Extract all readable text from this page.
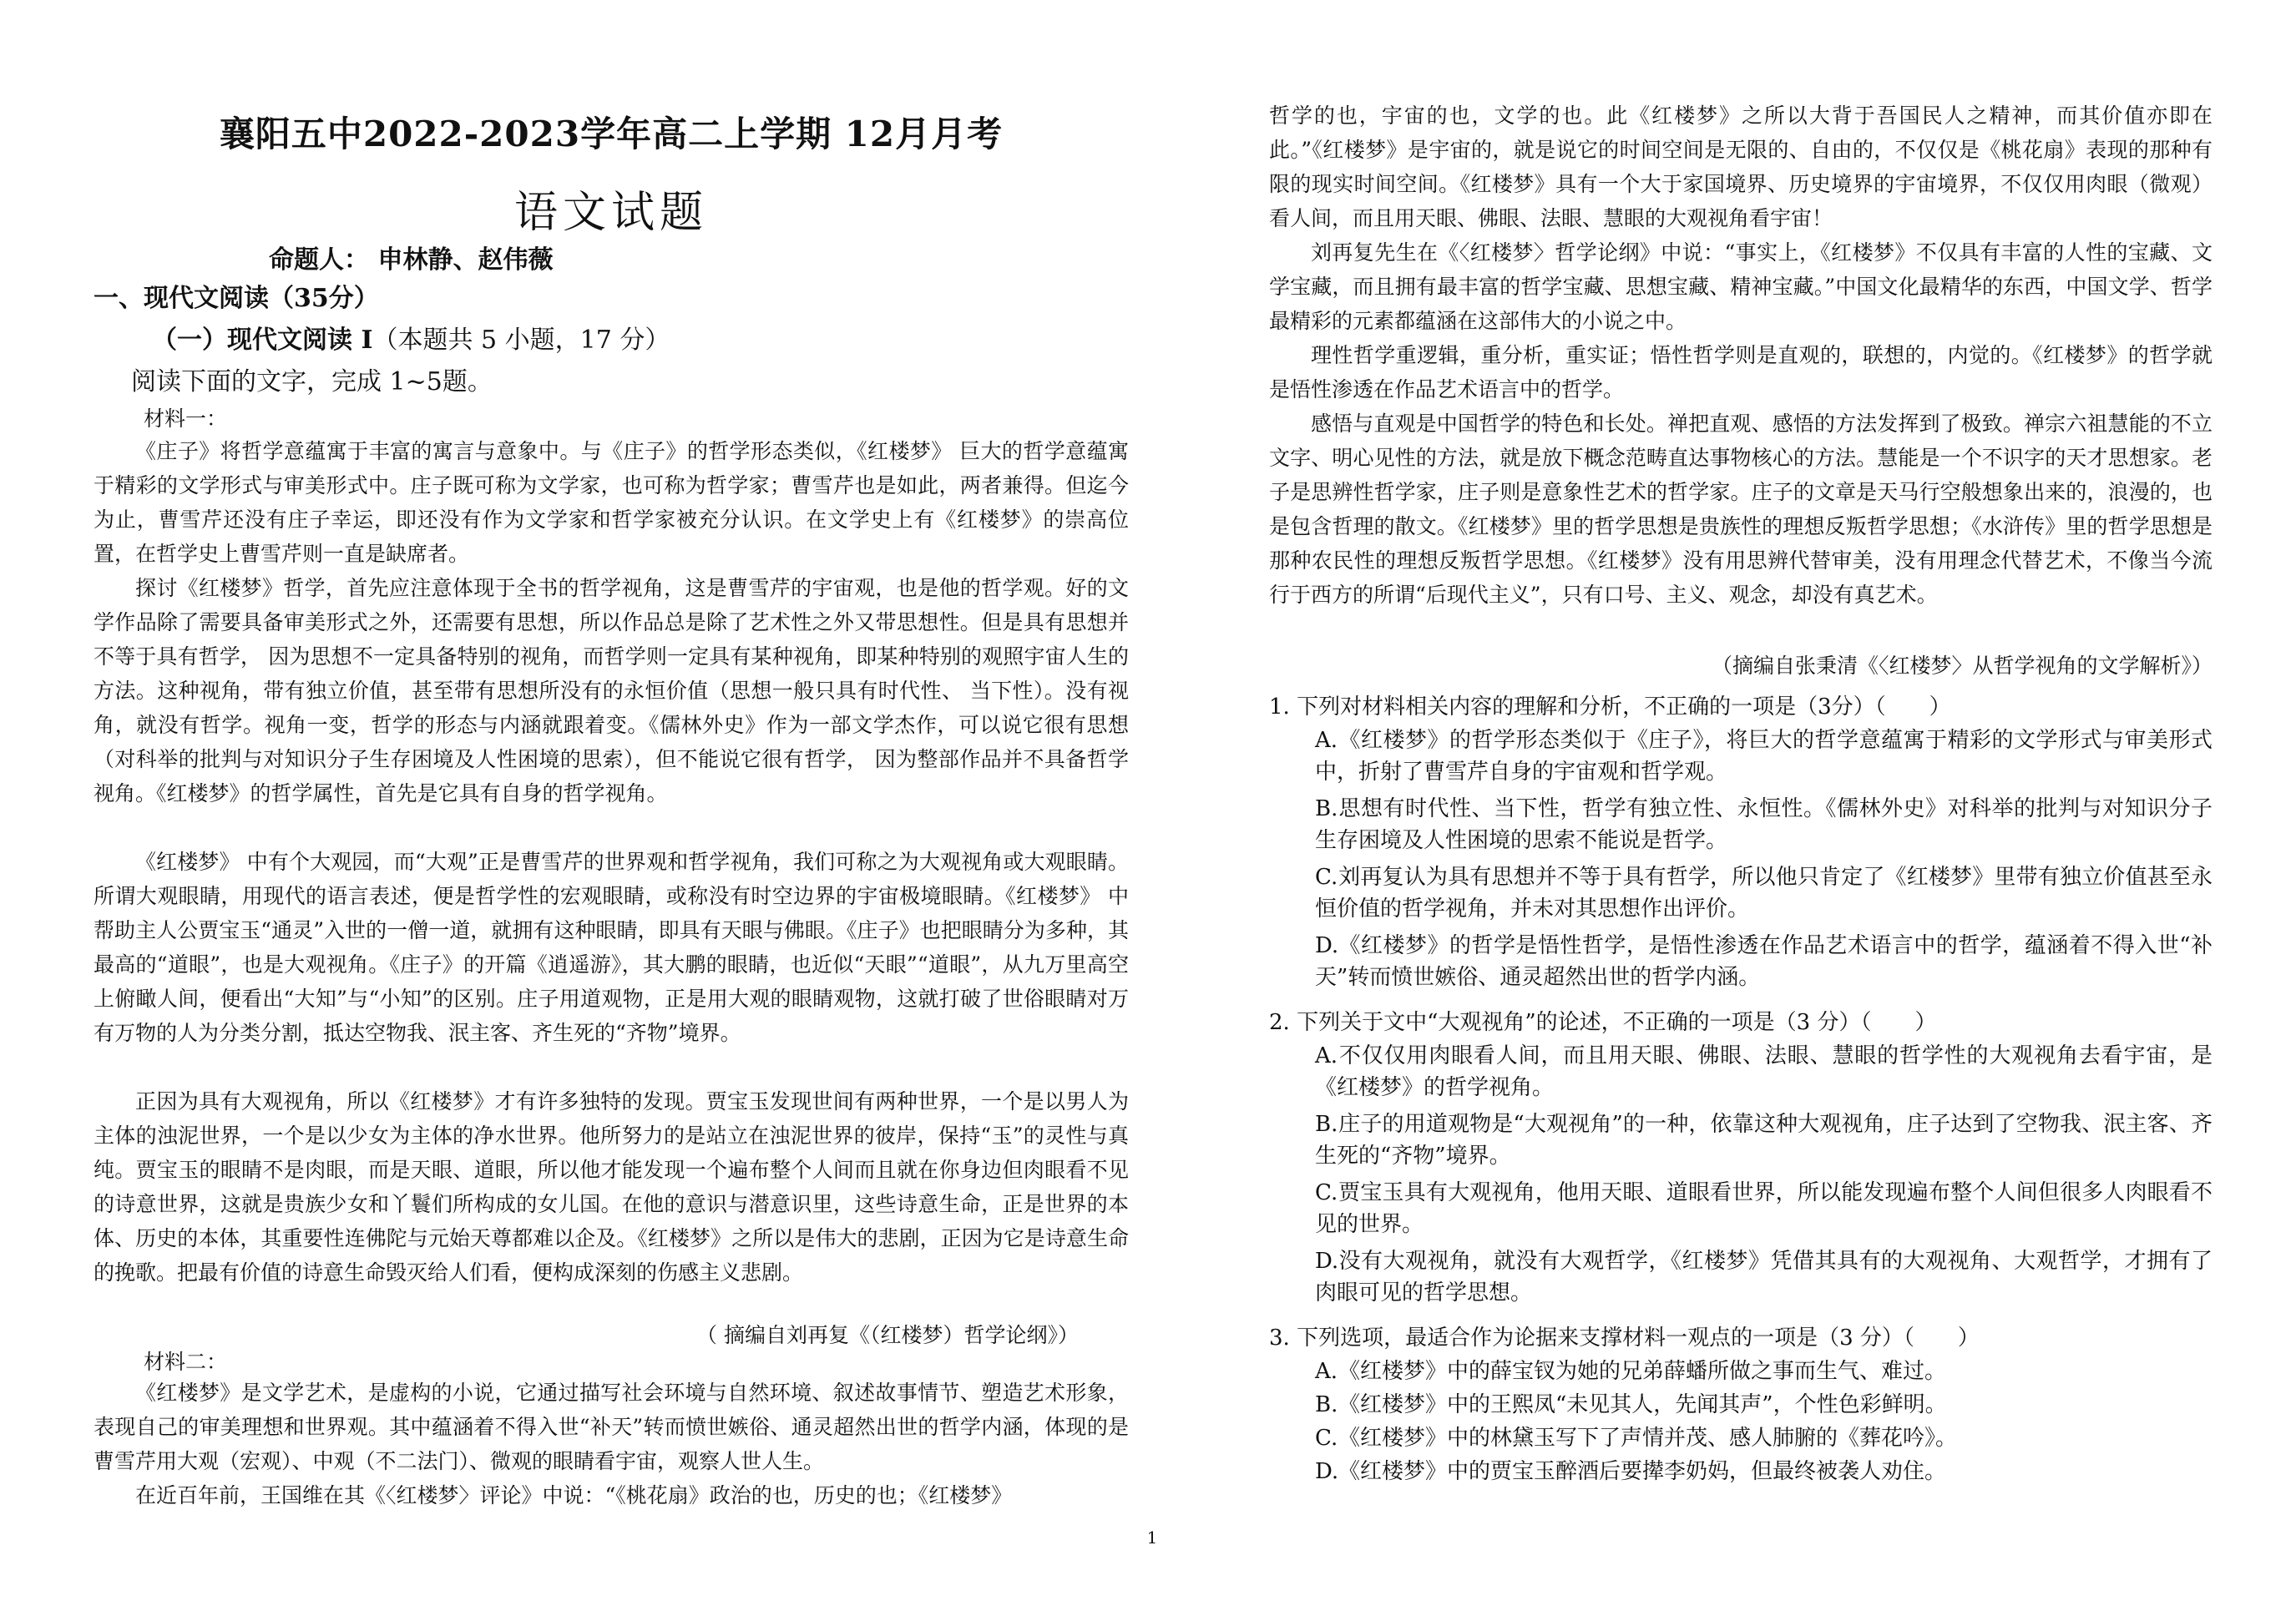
襄阳五中2022-2023学年高二上学期 12月月考
语文试题
命题人： 申林静、赵伟薇
一、现代文阅读（35分）
（一）现代文阅读 Ⅰ（本题共 5 小题，17 分）
阅读下面的文字，完成 1~5题。
材料一：

《庄子》将哲学意蕴寓于丰富的寓言与意象中。与《庄子》的哲学形态类似，《红楼梦》 巨大的哲学意蕴寓于精彩的文学形式与审美形式中。庄子既可称为文学家，也可称为哲学家；曹雪芹也是如此，两者兼得。但迄今为止，曹雪芹还没有庄子幸运，即还没有作为文学家和哲学家被充分认识。在文学史上有《红楼梦》的崇高位置，在哲学史上曹雪芹则一直是缺席者。

探讨《红楼梦》哲学，首先应注意体现于全书的哲学视角，这是曹雪芹的宇宙观，也是他的哲学观。好的文学作品除了需要具备审美形式之外，还需要有思想，所以作品总是除了艺术性之外又带思想性。但是具有思想并不等于具有哲学， 因为思想不一定具备特别的视角，而哲学则一定具有某种视角，即某种特别的观照宇宙人生的方法。这种视角，带有独立价值，甚至带有思想所没有的永恒价值（思想一般只具有时代性、 当下性）。没有视角，就没有哲学。视角一变，哲学的形态与内涵就跟着变。《儒林外史》作为一部文学杰作，可以说它很有思想（对科举的批判与对知识分子生存困境及人性困境的思索），但不能说它很有哲学， 因为整部作品并不具备哲学视角。《红楼梦》的哲学属性，首先是它具有自身的哲学视角。

《红楼梦》 中有个大观园，而“大观”正是曹雪芹的世界观和哲学视角，我们可称之为大观视角或大观眼睛。所谓大观眼睛，用现代的语言表述，便是哲学性的宏观眼睛，或称没有时空边界的宇宙极境眼睛。《红楼梦》 中帮助主人公贾宝玉“通灵”入世的一僧一道，就拥有这种眼睛，即具有天眼与佛眼。《庄子》也把眼睛分为多种，其最高的“道眼”，也是大观视角。《庄子》的开篇《逍遥游》，其大鹏的眼睛，也近似“天眼”“道眼”，从九万里高空上俯瞰人间，便看出“大知”与“小知”的区别。庄子用道观物，正是用大观的眼睛观物，这就打破了世俗眼睛对万有万物的人为分类分割，抵达空物我、泯主客、齐生死的“齐物”境界。

正因为具有大观视角，所以《红楼梦》才有许多独特的发现。贾宝玉发现世间有两种世界，一个是以男人为主体的浊泥世界，一个是以少女为主体的净水世界。他所努力的是站立在浊泥世界的彼岸，保持“玉”的灵性与真纯。贾宝玉的眼睛不是肉眼，而是天眼、道眼，所以他才能发现一个遍布整个人间而且就在你身边但肉眼看不见的诗意世界，这就是贵族少女和丫鬟们所构成的女儿国。在他的意识与潜意识里，这些诗意生命，正是世界的本体、历史的本体，其重要性连佛陀与元始天尊都难以企及。《红楼梦》之所以是伟大的悲剧，正因为它是诗意生命的挽歌。把最有价值的诗意生命毁灭给人们看，便构成深刻的伤感主义悲剧。

（ 摘编自刘再复《（红楼梦）哲学论纲》）
材料二：

《红楼梦》是文学艺术，是虚构的小说，它通过描写社会环境与自然环境、叙述故事情节、塑造艺术形象，表现自己的审美理想和世界观。其中蕴涵着不得入世“补天”转而愤世嫉俗、通灵超然出世的哲学内涵，体现的是曹雪芹用大观（宏观）、中观（不二法门）、微观的眼睛看宇宙，观察人世人生。

在近百年前，王国维在其《〈红楼梦〉评论》中说：“《桃花扇》政治的也，历史的也；《红楼梦》

哲学的也，宇宙的也，文学的也。此《红楼梦》之所以大背于吾国民人之精神，而其价值亦即在此。”《红楼梦》是宇宙的，就是说它的时间空间是无限的、自由的，不仅仅是《桃花扇》表现的那种有限的现实时间空间。《红楼梦》具有一个大于家国境界、历史境界的宇宙境界，不仅仅用肉眼（微观）看人间，而且用天眼、佛眼、法眼、慧眼的大观视角看宇宙！

刘再复先生在《〈红楼梦〉哲学论纲》中说：“事实上，《红楼梦》不仅具有丰富的人性的宝藏、文学宝藏，而且拥有最丰富的哲学宝藏、思想宝藏、精神宝藏。”中国文化最精华的东西，中国文学、哲学最精彩的元素都蕴涵在这部伟大的小说之中。

理性哲学重逻辑，重分析，重实证；悟性哲学则是直观的，联想的，内觉的。《红楼梦》的哲学就是悟性渗透在作品艺术语言中的哲学。

感悟与直观是中国哲学的特色和长处。禅把直观、感悟的方法发挥到了极致。禅宗六祖慧能的不立文字、明心见性的方法，就是放下概念范畴直达事物核心的方法。慧能是一个不识字的天才思想家。老子是思辨性哲学家，庄子则是意象性艺术的哲学家。庄子的文章是天马行空般想象出来的，浪漫的，也是包含哲理的散文。《红楼梦》里的哲学思想是贵族性的理想反叛哲学思想；《水浒传》里的哲学思想是那种农民性的理想反叛哲学思想。《红楼梦》没有用思辨代替审美，没有用理念代替艺术，不像当今流行于西方的所谓“后现代主义”，只有口号、主义、观念，却没有真艺术。

（摘编自张秉清《〈红楼梦〉从哲学视角的文学解析》）
1. 下列对材料相关内容的理解和分析，不正确的一项是（3分）（　　）
A.《红楼梦》的哲学形态类似于《庄子》，将巨大的哲学意蕴寓于精彩的文学形式与审美形式中，折射了曹雪芹自身的宇宙观和哲学观。
B.思想有时代性、当下性，哲学有独立性、永恒性。《儒林外史》对科举的批判与对知识分子生存困境及人性困境的思索不能说是哲学。
C.刘再复认为具有思想并不等于具有哲学，所以他只肯定了《红楼梦》里带有独立价值甚至永恒价值的哲学视角，并未对其思想作出评价。
D.《红楼梦》的哲学是悟性哲学，是悟性渗透在作品艺术语言中的哲学，蕴涵着不得入世“补天”转而愤世嫉俗、通灵超然出世的哲学内涵。
2. 下列关于文中“大观视角”的论述，不正确的一项是（3 分）（　　）
A.不仅仅用肉眼看人间，而且用天眼、佛眼、法眼、慧眼的哲学性的大观视角去看宇宙，是《红楼梦》的哲学视角。
B.庄子的用道观物是“大观视角”的一种，依靠这种大观视角，庄子达到了空物我、泯主客、齐生死的“齐物”境界。
C.贾宝玉具有大观视角，他用天眼、道眼看世界，所以能发现遍布整个人间但很多人肉眼看不见的世界。
D.没有大观视角，就没有大观哲学，《红楼梦》凭借其具有的大观视角、大观哲学，才拥有了肉眼可见的哲学思想。
3. 下列选项，最适合作为论据来支撑材料一观点的一项是（3 分）（　　）
A.《红楼梦》中的薛宝钗为她的兄弟薛蟠所做之事而生气、难过。
B.《红楼梦》中的王熙凤“未见其人，先闻其声”，个性色彩鲜明。
C.《红楼梦》中的林黛玉写下了声情并茂、感人肺腑的《葬花吟》。
D.《红楼梦》中的贾宝玉醉酒后要撵李奶妈，但最终被袭人劝住。
1
